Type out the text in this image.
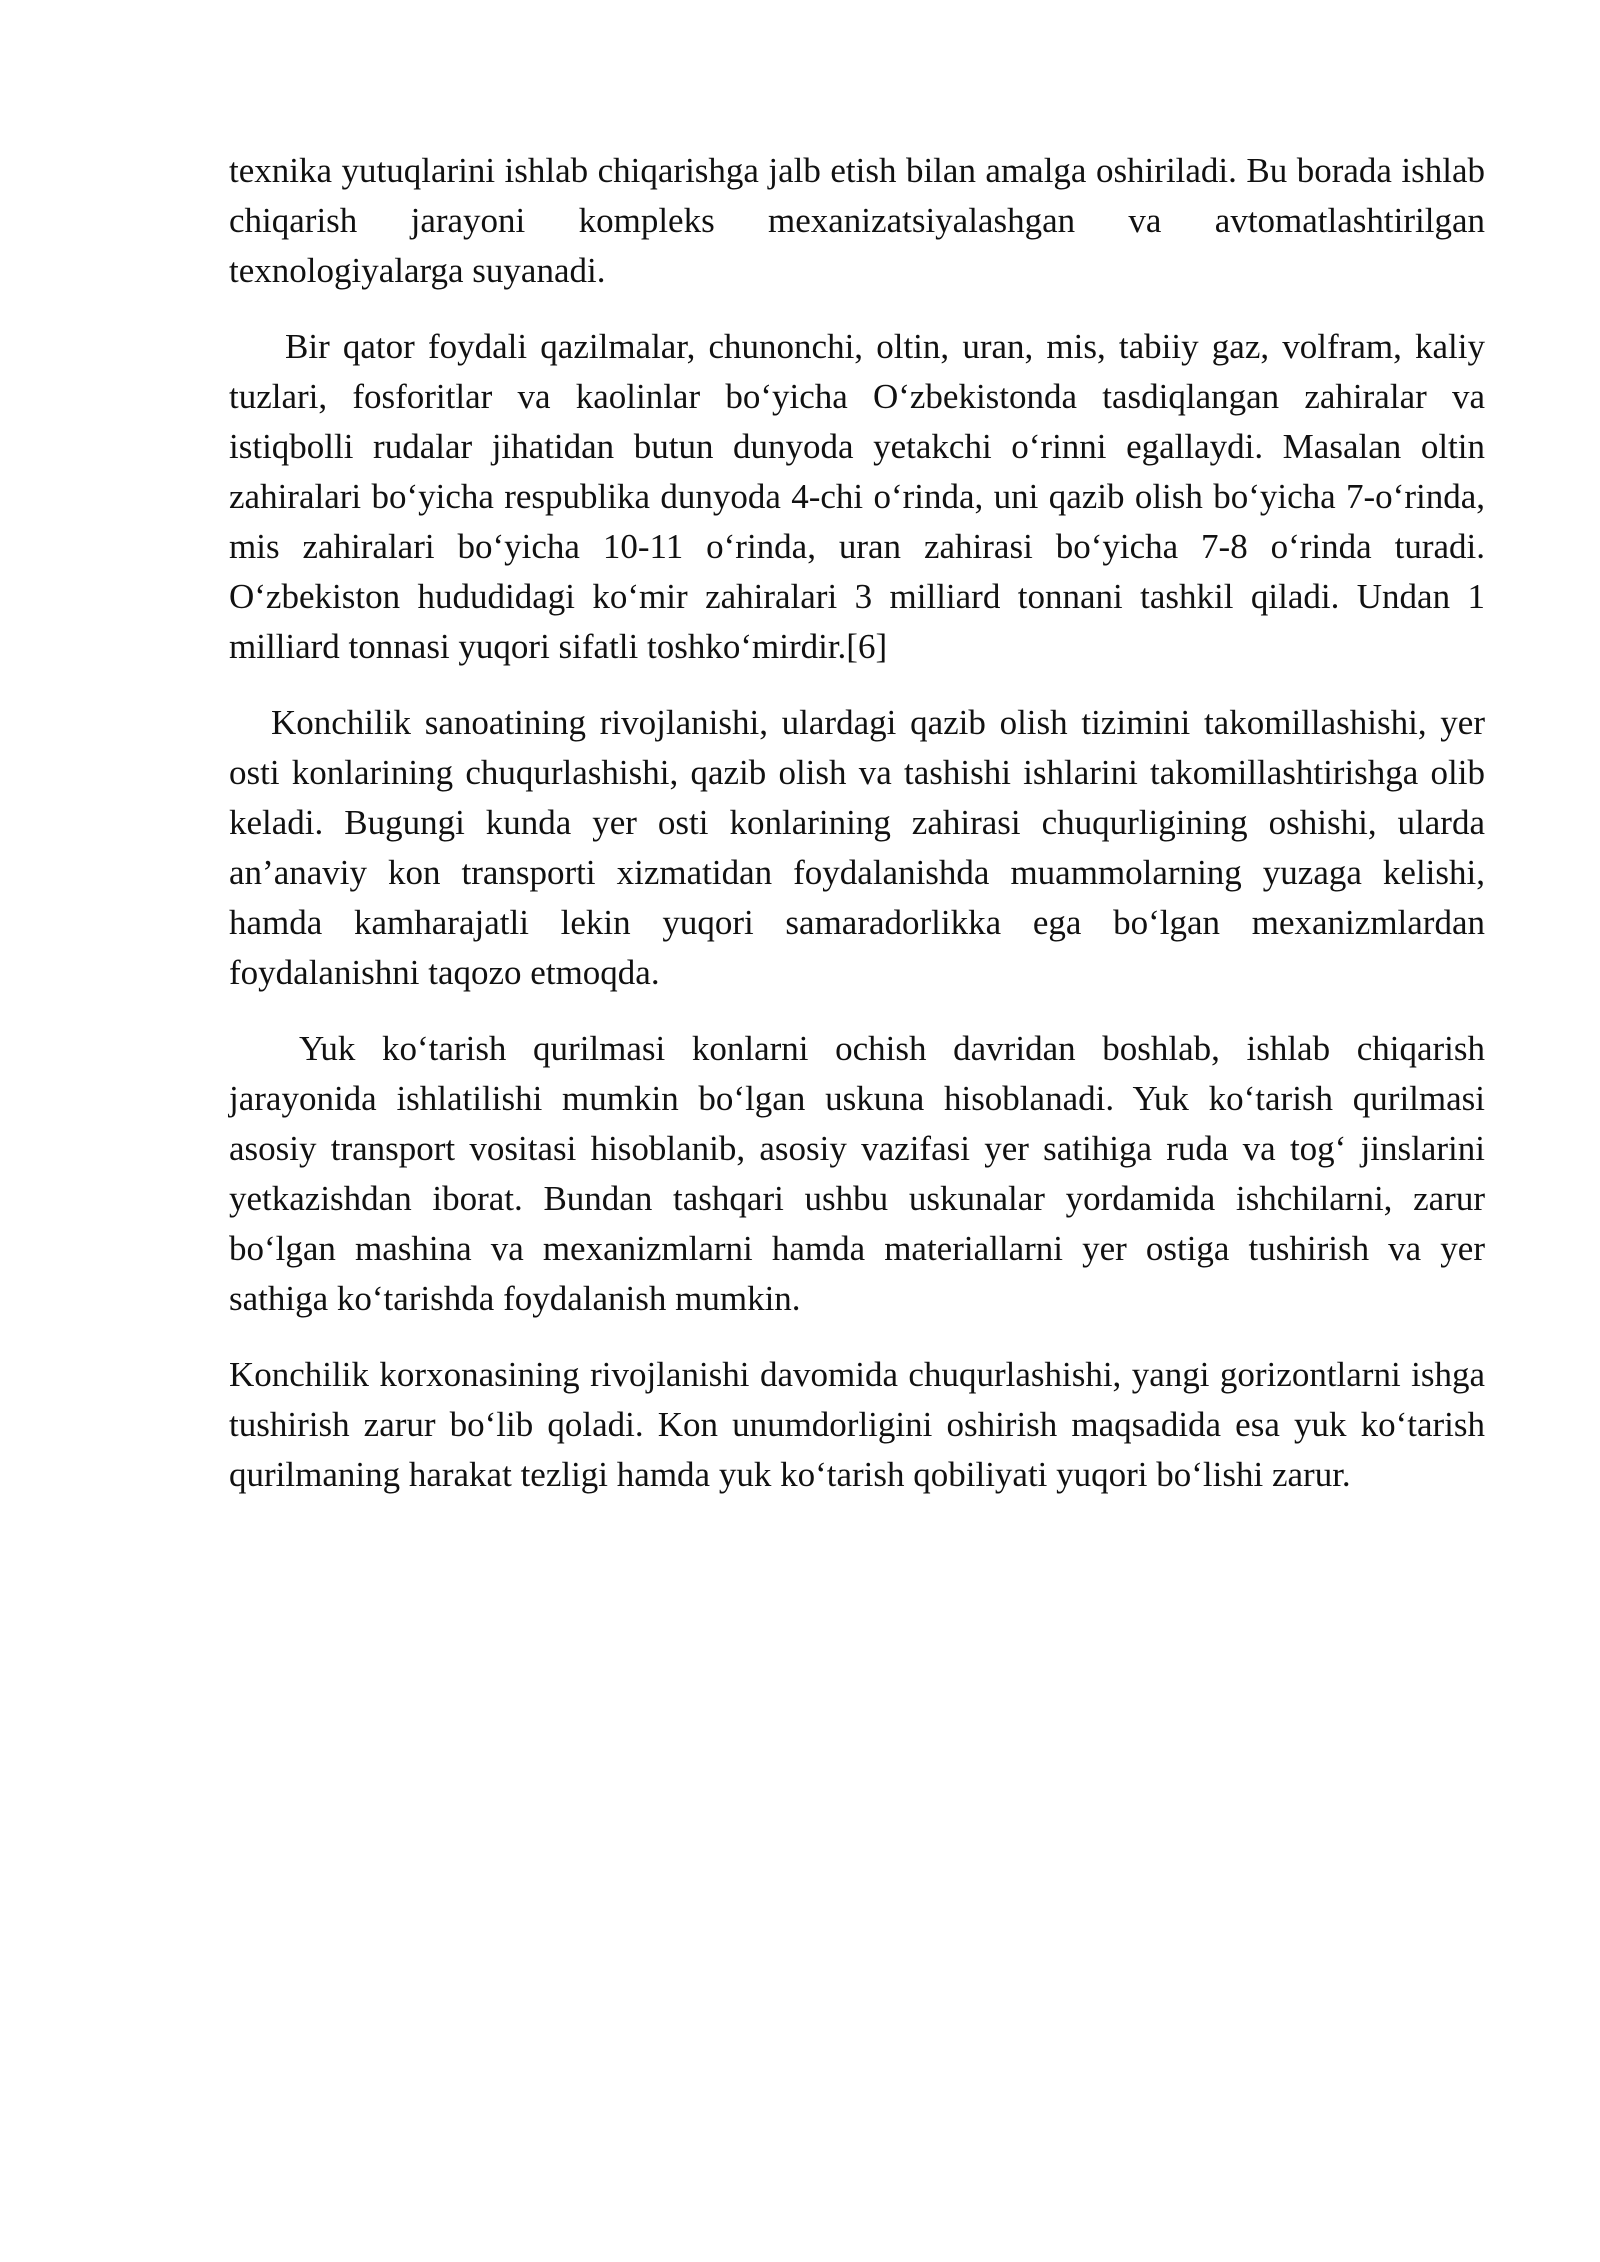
texnika yutuqlarini ishlab chiqarishga jalb etish bilan amalga oshiriladi. Bu borada ishlab chiqarish jarayoni kompleks mexanizatsiyalashgan va avtomatlashtirilgan texnologiyalarga suyanadi.

Bir qator foydali qazilmalar, chunonchi, oltin, uran, mis, tabiiy gaz, volfram, kaliy tuzlari, fosforitlar va kaolinlar bo‘yicha O‘zbekistonda tasdiqlangan zahiralar va istiqbolli rudalar jihatidan butun dunyoda yetakchi o‘rinni egallaydi. Masalan oltin zahiralari bo‘yicha respublika dunyoda 4-chi o‘rinda, uni qazib olish bo‘yicha 7-o‘rinda, mis zahiralari bo‘yicha 10-11 o‘rinda, uran zahirasi bo‘yicha 7-8 o‘rinda turadi. O‘zbekiston hududidagi ko‘mir zahiralari 3 milliard tonnani tashkil qiladi. Undan 1 milliard tonnasi yuqori sifatli toshko‘mirdir.[6]

Konchilik sanoatining rivojlanishi, ulardagi qazib olish tizimini takomillashishi, yer osti konlarining chuqurlashishi, qazib olish va tashishi ishlarini takomillashtirishga olib keladi. Bugungi kunda yer osti konlarining zahirasi chuqurligining oshishi, ularda an’anaviy kon transporti xizmatidan foydalanishda muammolarning yuzaga kelishi, hamda kamharajatli lekin yuqori samaradorlikka ega bo‘lgan mexanizmlardan foydalanishni taqozo etmoqda.

Yuk ko‘tarish qurilmasi konlarni ochish davridan boshlab, ishlab chiqarish jarayonida ishlatilishi mumkin bo‘lgan uskuna hisoblanadi. Yuk ko‘tarish qurilmasi asosiy transport vositasi hisoblanib, asosiy vazifasi yer satihiga ruda va tog‘ jinslarini yetkazishdan iborat. Bundan tashqari ushbu uskunalar yordamida ishchilarni, zarur bo‘lgan mashina va mexanizmlarni hamda materiallarni yer ostiga tushirish va yer sathiga ko‘tarishda foydalanish mumkin.

Konchilik korxonasining rivojlanishi davomida chuqurlashishi, yangi gorizontlarni ishga tushirish zarur bo‘lib qoladi. Kon unumdorligini oshirish maqsadida esa yuk ko‘tarish qurilmaning harakat tezligi hamda yuk ko‘tarish qobiliyati yuqori bo‘lishi zarur.
